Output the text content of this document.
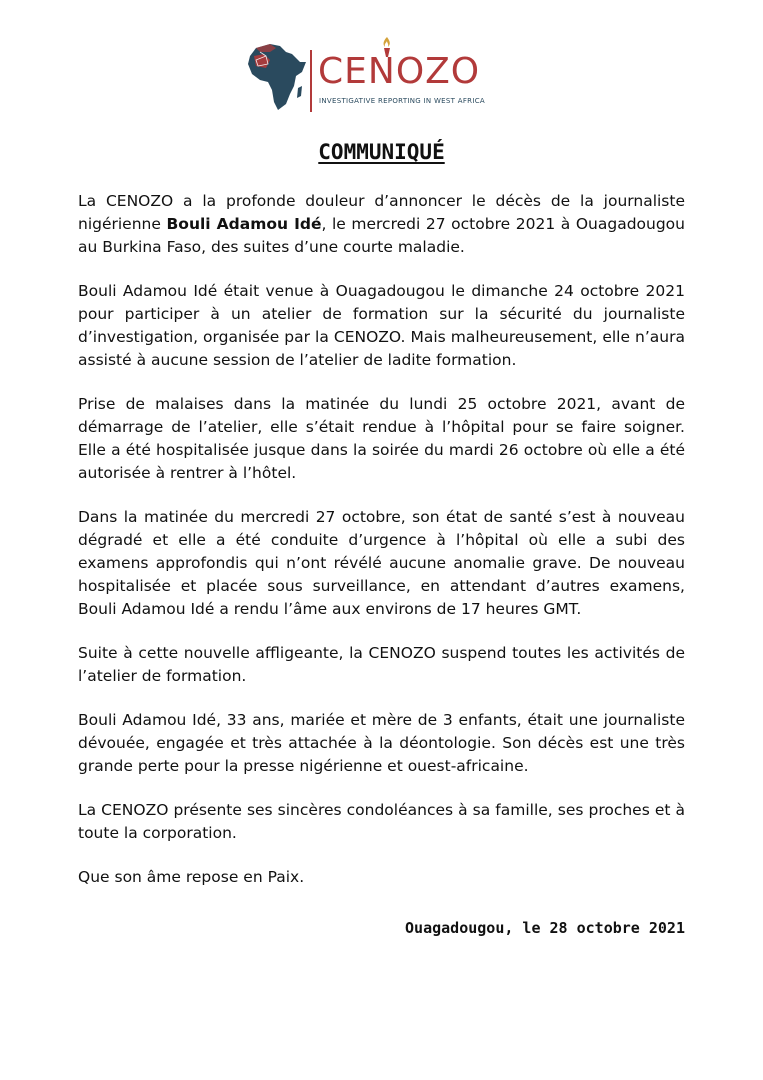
CENOZO
INVESTIGATIVE REPORTING IN WEST AFRICA
COMMUNIQUÉ

La CENOZO a la profonde douleur d’annoncer le décès de la journaliste nigérienne Bouli Adamou Idé, le mercredi 27 octobre 2021 à Ouagadougou au Burkina Faso, des suites d’une courte maladie.

Bouli Adamou Idé était venue à Ouagadougou le dimanche 24 octobre 2021 pour participer à un atelier de formation sur la sécurité du journaliste d’investigation, organisée par la CENOZO. Mais malheureusement, elle n’aura assisté à aucune session de l’atelier de ladite formation.

Prise de malaises dans la matinée du lundi 25 octobre 2021, avant de démarrage de l’atelier, elle s’était rendue à l’hôpital pour se faire soigner. Elle a été hospitalisée jusque dans la soirée du mardi 26 octobre où elle a été autorisée à rentrer à l’hôtel.

Dans la matinée du mercredi 27 octobre, son état de santé s’est à nouveau dégradé et elle a été conduite d’urgence à l’hôpital où elle a subi des examens approfondis qui n’ont révélé aucune anomalie grave. De nouveau hospitalisée et placée sous surveillance, en attendant d’autres examens, Bouli Adamou Idé a rendu l’âme aux environs de 17 heures GMT.

Suite à cette nouvelle affligeante, la CENOZO suspend toutes les activités de l’atelier de formation.

Bouli Adamou Idé, 33 ans, mariée et mère de 3 enfants, était une journaliste dévouée, engagée et très attachée à la déontologie. Son décès est une très grande perte pour la presse nigérienne et ouest-africaine.

La CENOZO présente ses sincères condoléances à sa famille, ses proches et à toute la corporation.

Que son âme repose en Paix.

Ouagadougou, le 28 octobre 2021
